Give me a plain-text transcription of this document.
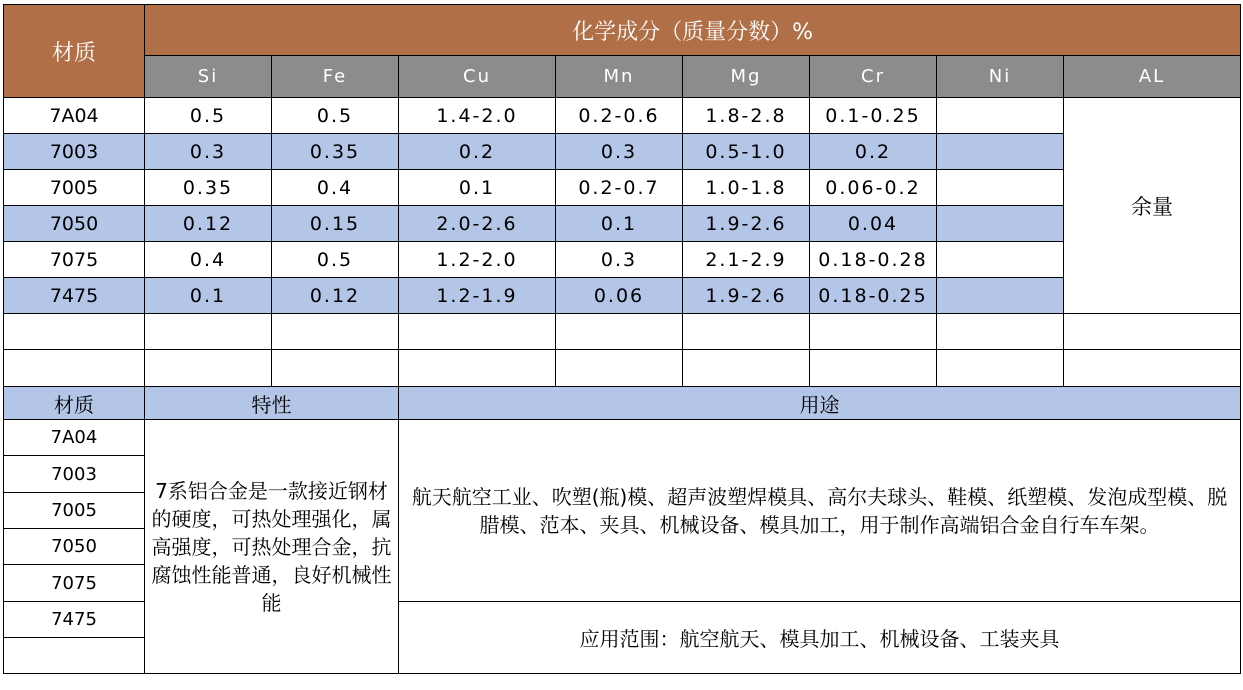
材质	化学成分（质量分数）%							
	Si	Fe	Cu	Mn	Mg	Cr	Ni	AL
7A04	0.5	0.5	1.4-2.0	0.2-0.6	1.8-2.8	0.1-0.25		余量
7003	0.3	0.35	0.2	0.3	0.5-1.0	0.2		
7005	0.35	0.4	0.1	0.2-0.7	1.0-1.8	0.06-0.2		
7050	0.12	0.15	2.0-2.6	0.1	1.9-2.6	0.04		
7075	0.4	0.5	1.2-2.0	0.3	2.1-2.9	0.18-0.28		
7475	0.1	0.12	1.2-1.9	0.06	1.9-2.6	0.18-0.25		

材质	特性		用途					
7A04	7系铝合金是一款接近钢材的硬度，可热处理强化，属高强度，可热处理合金，抗腐蚀性能普通，良好机械性能		航天航空工业、吹塑(瓶)模、超声波塑焊模具、高尔夫球头、鞋模、纸塑模、发泡成型模、脱腊模、范本、夹具、机械设备、模具加工，用于制作高端铝合金自行车车架。					
7003								
7005								
7050								
7075								
7475			应用范围：航空航天、模具加工、机械设备、工装夹具					
